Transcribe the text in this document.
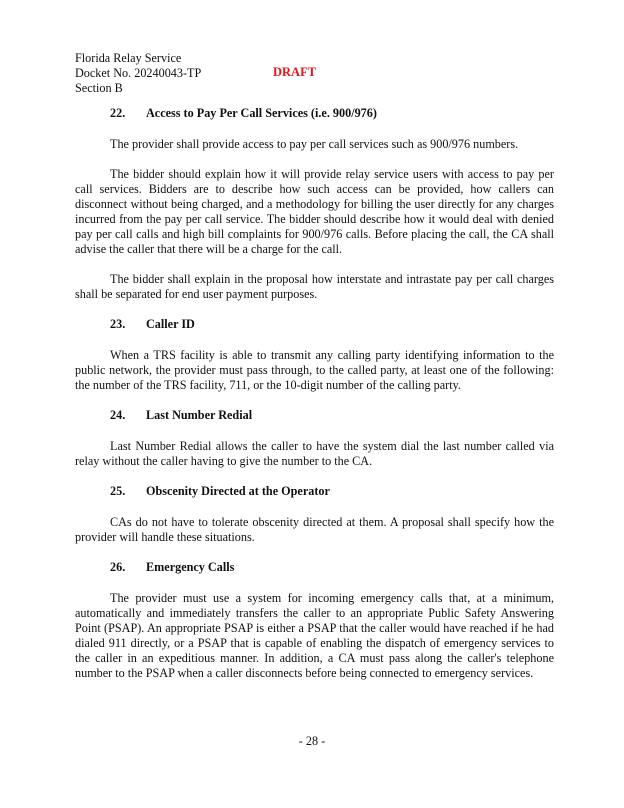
Florida Relay Service
Docket No. 20240043-TP
Section B
DRAFT
22. Access to Pay Per Call Services (i.e. 900/976)

The provider shall provide access to pay per call services such as 900/976 numbers.

The bidder should explain how it will provide relay service users with access to pay per call services. Bidders are to describe how such access can be provided, how callers can disconnect without being charged, and a methodology for billing the user directly for any charges incurred from the pay per call service. The bidder should describe how it would deal with denied pay per call calls and high bill complaints for 900/976 calls. Before placing the call, the CA shall advise the caller that there will be a charge for the call.

The bidder shall explain in the proposal how interstate and intrastate pay per call charges shall be separated for end user payment purposes.

23. Caller ID

When a TRS facility is able to transmit any calling party identifying information to the public network, the provider must pass through, to the called party, at least one of the following: the number of the TRS facility, 711, or the 10-digit number of the calling party.

24. Last Number Redial

Last Number Redial allows the caller to have the system dial the last number called via relay without the caller having to give the number to the CA.

25. Obscenity Directed at the Operator

CAs do not have to tolerate obscenity directed at them. A proposal shall specify how the provider will handle these situations.

26. Emergency Calls

The provider must use a system for incoming emergency calls that, at a minimum, automatically and immediately transfers the caller to an appropriate Public Safety Answering Point (PSAP). An appropriate PSAP is either a PSAP that the caller would have reached if he had dialed 911 directly, or a PSAP that is capable of enabling the dispatch of emergency services to the caller in an expeditious manner. In addition, a CA must pass along the caller's telephone number to the PSAP when a caller disconnects before being connected to emergency services.

- 28 -
